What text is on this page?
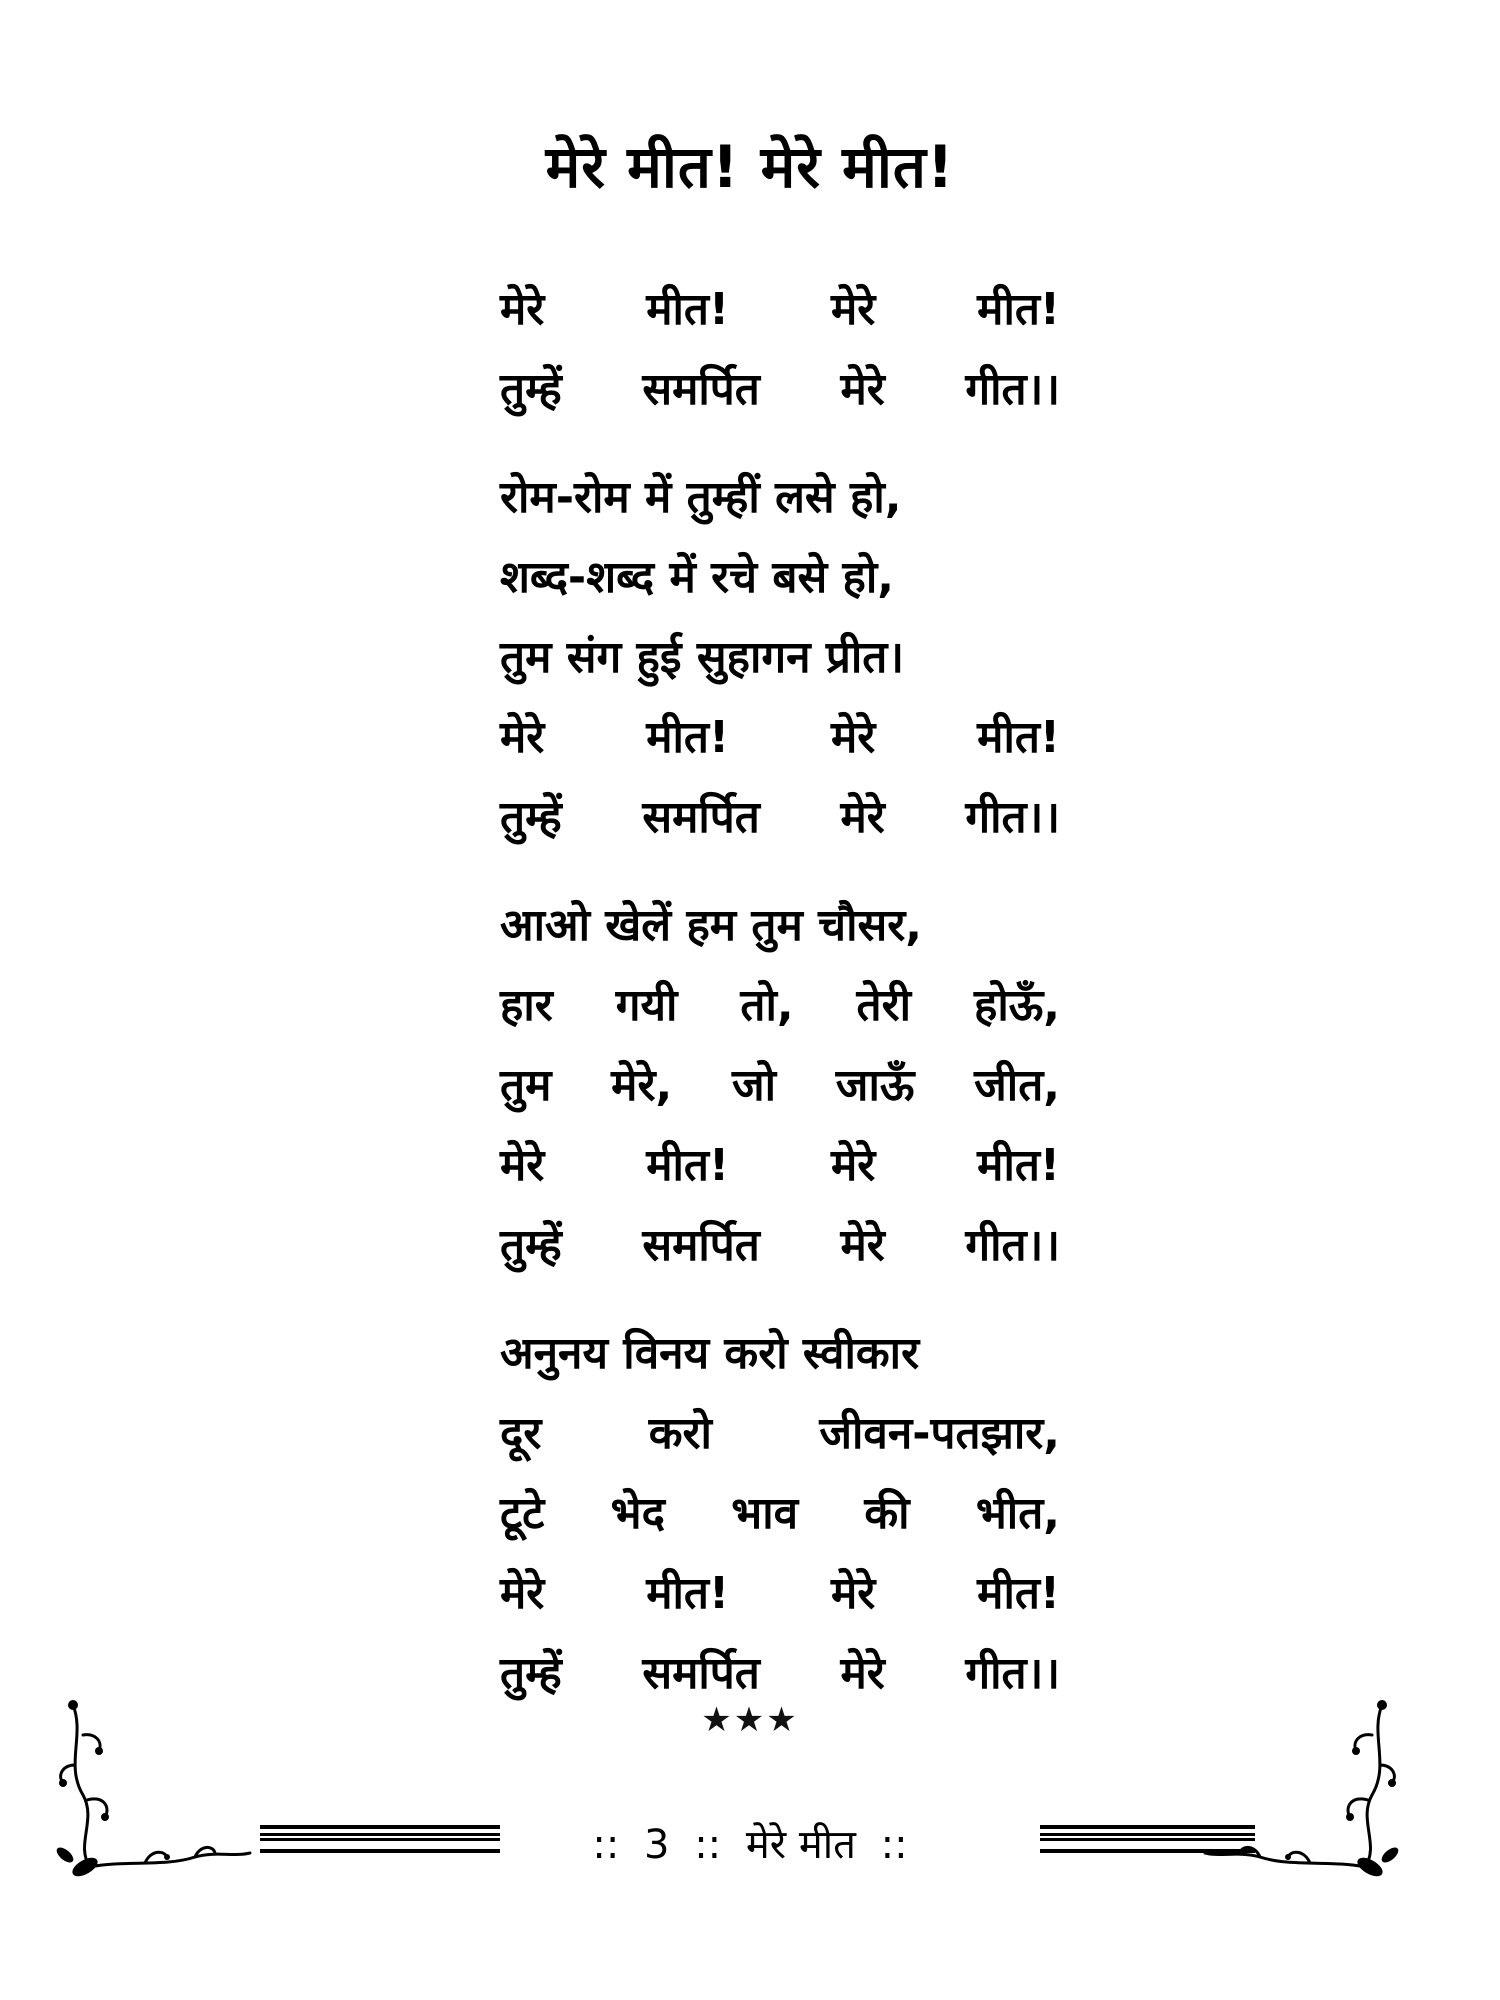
मेरे मीत! मेरे मीत!
मेरे मीत! मेरे मीत!
तुम्हें समर्पित मेरे गीत।।
रोम-रोम में तुम्हीं लसे हो,
शब्द-शब्द में रचे बसे हो,
तुम संग हुई सुहागन प्रीत।
मेरे मीत! मेरे मीत!
तुम्हें समर्पित मेरे गीत।।
आओ खेलें हम तुम चौसर,
हार गयी तो, तेरी होऊँ,
तुम मेरे, जो जाऊँ जीत,
मेरे मीत! मेरे मीत!
तुम्हें समर्पित मेरे गीत।।
अनुनय विनय करो स्वीकार
दूर करो जीवन-पतझार,
टूटे भेद भाव की भीत,
मेरे मीत! मेरे मीत!
तुम्हें समर्पित मेरे गीत।।
★★★
:: 3 :: मेरे मीत ::
